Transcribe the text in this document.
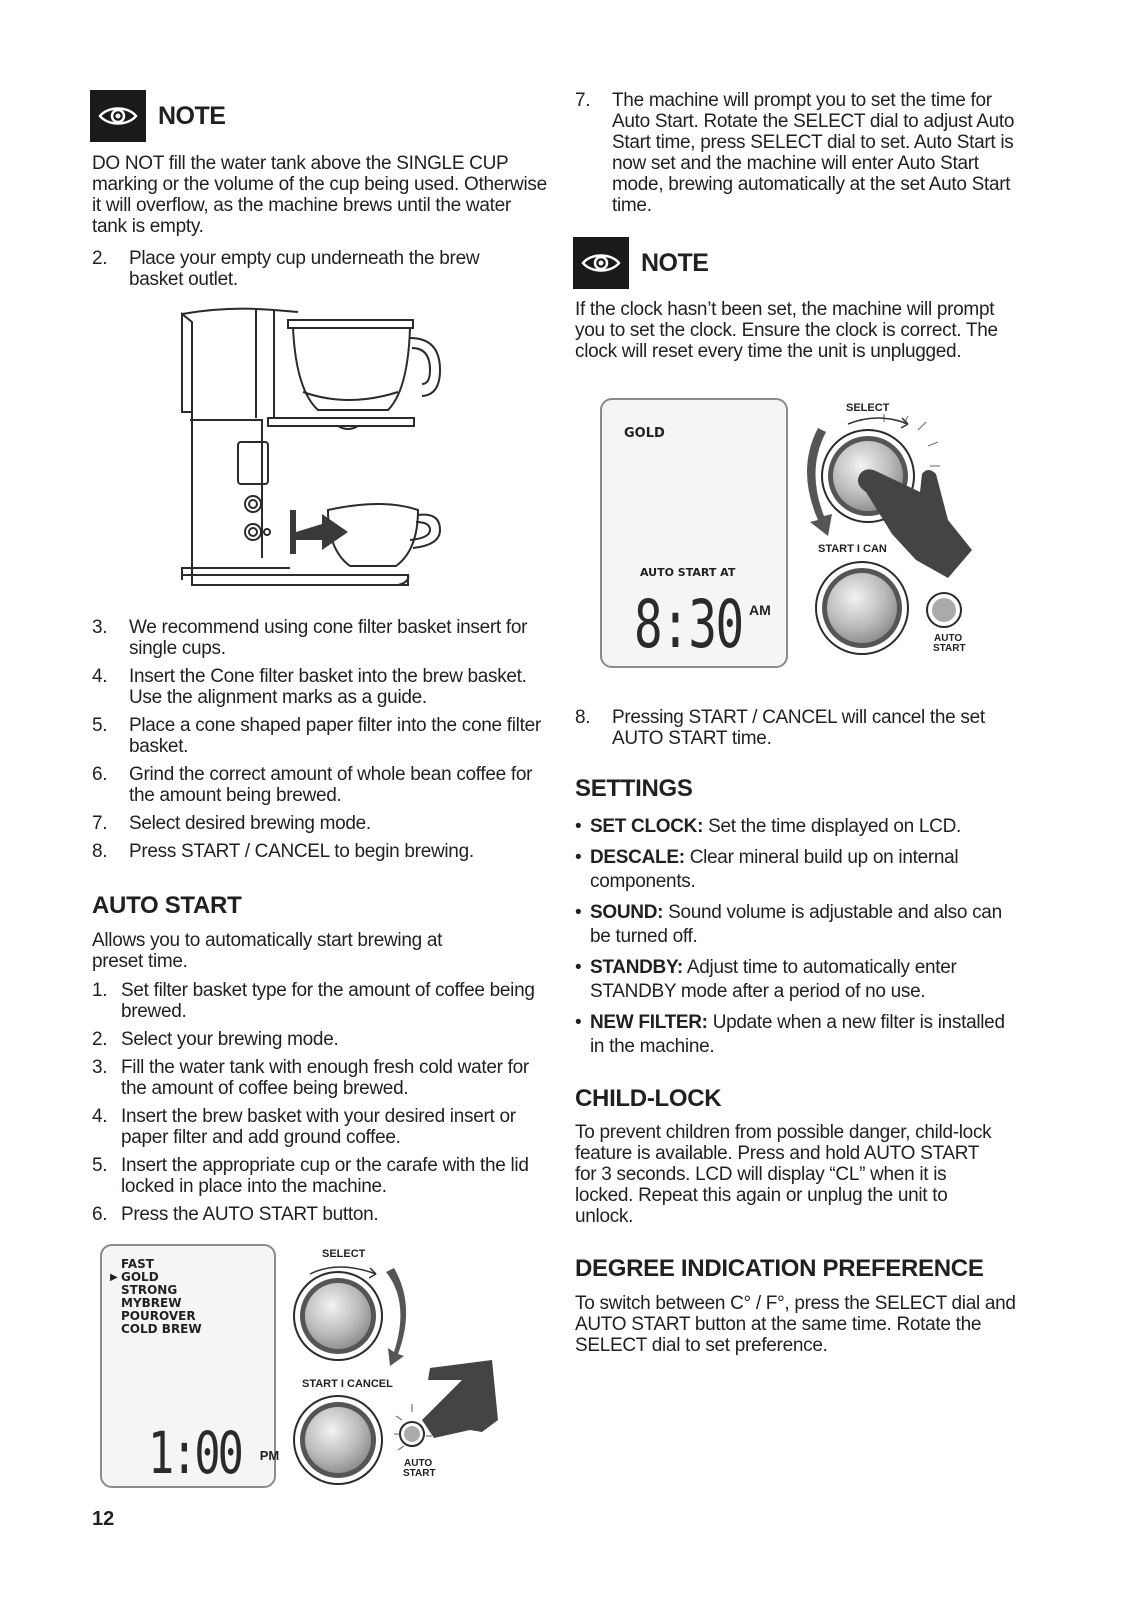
NOTE

DO NOT fill the water tank above the SINGLE CUP marking or the volume of the cup being used. Otherwise it will overflow, as the machine brews until the water tank is empty.

2.	Place your empty cup underneath the brew basket outlet.
3.	We recommend using cone filter basket insert for single cups.
4.	Insert the Cone filter basket into the brew basket. Use the alignment marks as a guide.
5.	Place a cone shaped paper filter into the cone filter basket.
6.	Grind the correct amount of whole bean coffee for the amount being brewed.
7.	Select desired brewing mode.
8.	Press START / CANCEL to begin brewing.
AUTO START

Allows you to automatically start brewing at preset time.

1. Set filter basket type for the amount of coffee being brewed.
2. Select your brewing mode.
3. Fill the water tank with enough fresh cold water for the amount of coffee being brewed.
4. Insert the brew basket with your desired insert or paper filter and add ground coffee.
5. Insert the appropriate cup or the carafe with the lid locked in place into the machine.
6. Press the AUTO START button.
FAST
▶ GOLD
STRONG
MYBREW
POUROVER
COLD BREW
1:00 PM
SELECT
START I CANCEL
AUTO
START
12
7.	The machine will prompt you to set the time for Auto Start. Rotate the SELECT dial to adjust Auto Start time, press SELECT dial to set. Auto Start is now set and the machine will enter Auto Start mode, brewing automatically at the set Auto Start time.
NOTE

If the clock hasn’t been set, the machine will prompt you to set the clock. Ensure the clock is correct. The clock will reset every time the unit is unplugged.

GOLD
AUTO START AT
8:30 AM
SELECT
START I CAN
AUTO
START
8.	Pressing START / CANCEL will cancel the set AUTO START time.
SETTINGS
• SET CLOCK: Set the time displayed on LCD.
• DESCALE: Clear mineral build up on internal components.
• SOUND: Sound volume is adjustable and also can be turned off.
• STANDBY: Adjust time to automatically enter STANDBY mode after a period of no use.
• NEW FILTER: Update when a new filter is installed in the machine.
CHILD-LOCK

To prevent children from possible danger, child-lock feature is available. Press and hold AUTO START for 3 seconds. LCD will display “CL” when it is locked. Repeat this again or unplug the unit to unlock.

DEGREE INDICATION PREFERENCE

To switch between C° / F°, press the SELECT dial and AUTO START button at the same time. Rotate the SELECT dial to set preference.
